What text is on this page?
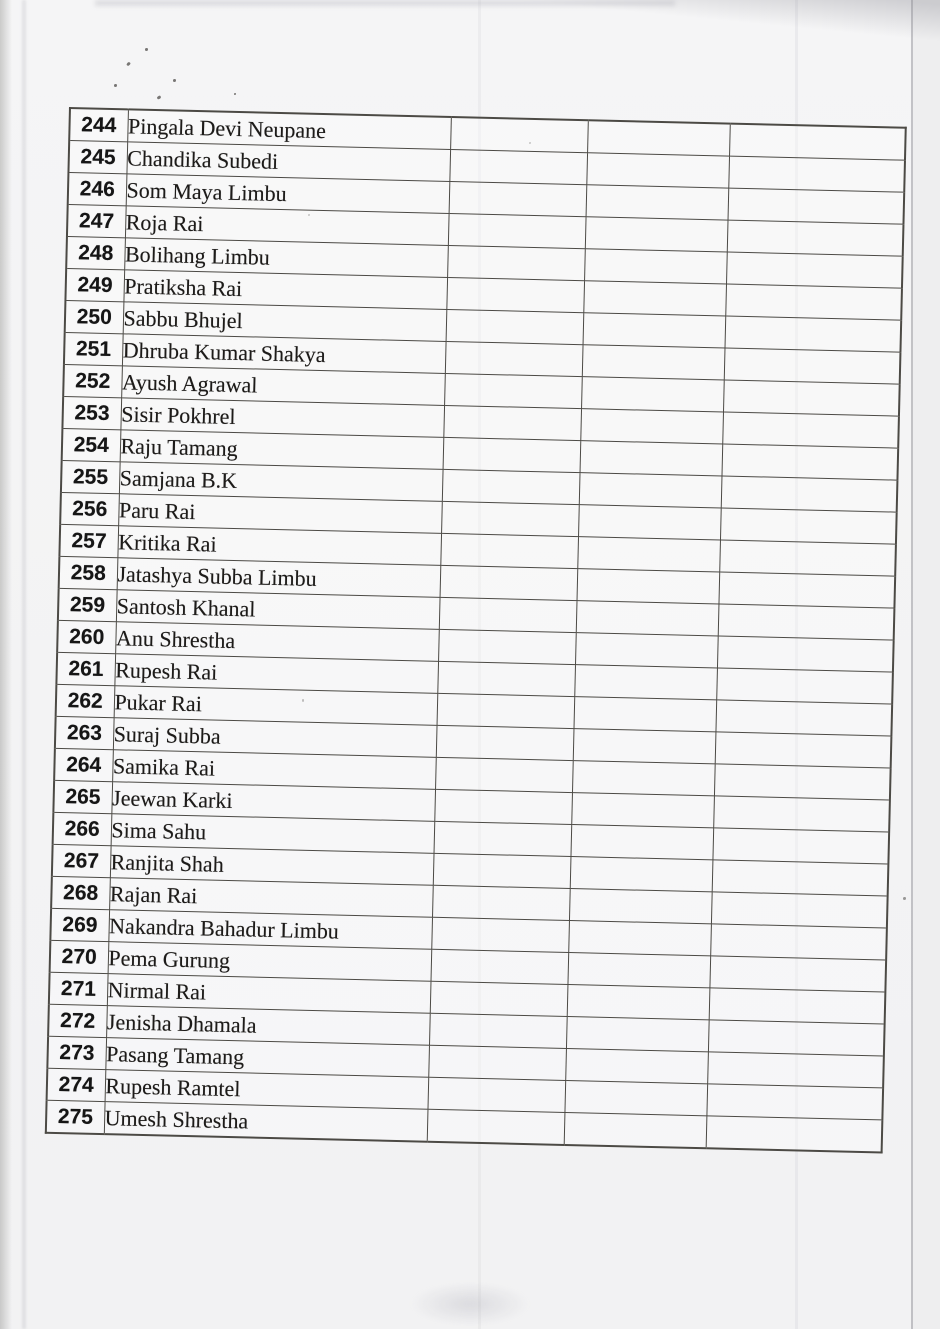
244	Pingala Devi Neupane			
245	Chandika Subedi			
246	Som Maya Limbu			
247	Roja Rai			
248	Bolihang Limbu			
249	Pratiksha Rai			
250	Sabbu Bhujel			
251	Dhruba Kumar Shakya			
252	Ayush Agrawal			
253	Sisir Pokhrel			
254	Raju Tamang			
255	Samjana B.K			
256	Paru Rai			
257	Kritika Rai			
258	Jatashya Subba Limbu			
259	Santosh Khanal			
260	Anu Shrestha			
261	Rupesh Rai			
262	Pukar Rai			
263	Suraj Subba			
264	Samika Rai			
265	Jeewan Karki			
266	Sima Sahu			
267	Ranjita Shah			
268	Rajan Rai			
269	Nakandra Bahadur Limbu			
270	Pema Gurung			
271	Nirmal Rai			
272	Jenisha Dhamala			
273	Pasang Tamang			
274	Rupesh Ramtel			
275	Umesh Shrestha			
